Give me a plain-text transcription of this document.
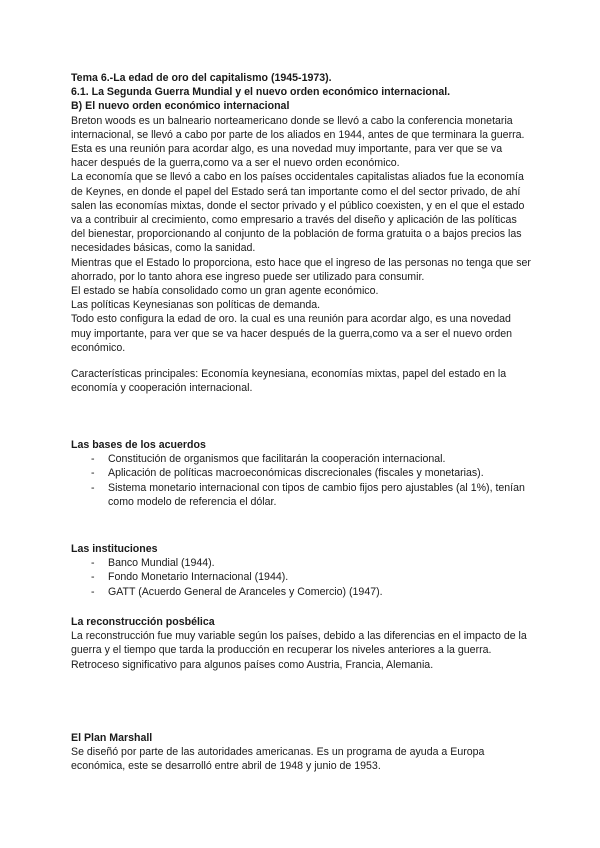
Tema 6.-La edad de oro del capitalismo (1945-1973).

6.1. La Segunda Guerra Mundial y el nuevo orden económico internacional.

B) El nuevo orden económico internacional

Breton woods es un balneario norteamericano donde se llevó a cabo la conferencia monetaria internacional, se llevó a cabo por parte de los aliados en 1944, antes de que terminara la guerra. Esta es una reunión para acordar algo, es una novedad muy importante, para ver que se va hacer después de la guerra,como va a ser el nuevo orden económico.

La economía que se llevó a cabo en los países occidentales capitalistas aliados fue la economía de Keynes, en donde el papel del Estado será tan importante como el del sector privado, de ahí salen las economías mixtas, donde el sector privado y el público coexisten, y en el que el estado va a contribuir al crecimiento, como empresario a través del diseño y aplicación de las políticas del bienestar, proporcionando al conjunto de la población de forma gratuita o a bajos precios las necesidades básicas, como la sanidad.

Mientras que el Estado lo proporciona, esto hace que el ingreso de las personas no tenga que ser ahorrado, por lo tanto ahora ese ingreso puede ser utilizado para consumir.

El estado se había consolidado como un gran agente económico.

Las políticas Keynesianas son políticas de demanda.

Todo esto configura la edad de oro. la cual es una reunión para acordar algo, es una novedad muy importante, para ver que se va hacer después de la guerra,como va a ser el nuevo orden económico.

Características principales: Economía keynesiana, economías mixtas, papel del estado en la economía y cooperación internacional.

Las bases de los acuerdos
- Constitución de organismos que facilitarán la cooperación internacional.
- Aplicación de políticas macroeconómicas discrecionales (fiscales y monetarias).
- Sistema monetario internacional con tipos de cambio fijos pero ajustables (al 1%), tenían como modelo de referencia el dólar.
Las instituciones
- Banco Mundial (1944).
- Fondo Monetario Internacional (1944).
- GATT (Acuerdo General de Aranceles y Comercio) (1947).
La reconstrucción posbélica

La reconstrucción fue muy variable según los países, debido a las diferencias en el impacto de la guerra y el tiempo que tarda la producción en recuperar los niveles anteriores a la guerra.

Retroceso significativo para algunos países como Austria, Francia, Alemania.

El Plan Marshall

Se diseñó por parte de las autoridades americanas. Es un programa de ayuda a Europa económica, este se desarrolló entre abril de 1948 y junio de 1953.
